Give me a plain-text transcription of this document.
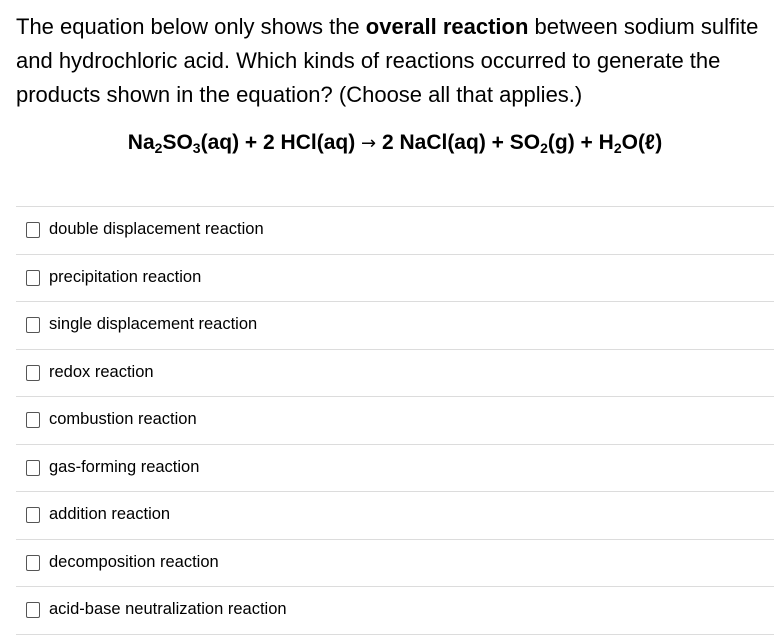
The equation below only shows the overall reaction between sodium sulfite and hydrochloric acid. Which kinds of reactions occurred to generate the products shown in the equation? (Choose all that applies.)
$Na_2SO_3(aq) + 2$ HCl(aq) → 2 NaCl(aq) + $SO_2(g)$ + $H_2O(\ell)$
double displacement reaction
precipitation reaction
single displacement reaction
redox reaction
combustion reaction
gas-forming reaction
addition reaction
decomposition reaction
acid-base neutralization reaction
